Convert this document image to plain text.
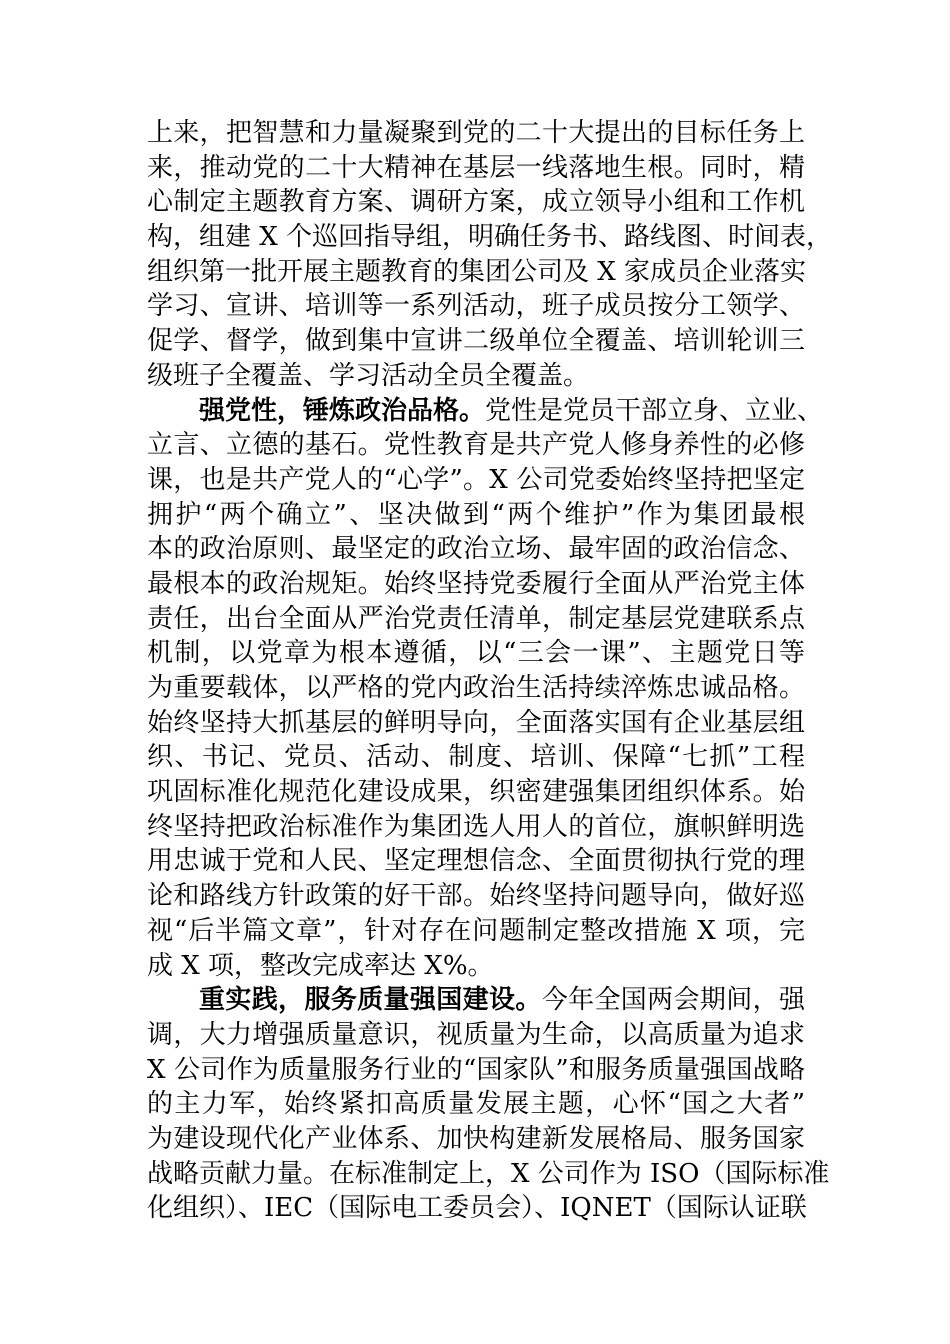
上来，把智慧和力量凝聚到党的二十大提出的目标任务上
来，推动党的二十大精神在基层一线落地生根。同时，精
心制定主题教育方案、调研方案，成立领导小组和工作机
构，组建 X 个巡回指导组，明确任务书、路线图、时间表，
组织第一批开展主题教育的集团公司及 X 家成员企业落实
学习、宣讲、培训等一系列活动，班子成员按分工领学、
促学、督学，做到集中宣讲二级单位全覆盖、培训轮训三
级班子全覆盖、学习活动全员全覆盖。
强党性，锤炼政治品格。党性是党员干部立身、立业、
立言、立德的基石。党性教育是共产党人修身养性的必修
课，也是共产党人的“心学”。X 公司党委始终坚持把坚定
拥护“两个确立”、坚决做到“两个维护”作为集团最根
本的政治原则、最坚定的政治立场、最牢固的政治信念、
最根本的政治规矩。始终坚持党委履行全面从严治党主体
责任，出台全面从严治党责任清单，制定基层党建联系点
机制，以党章为根本遵循，以“三会一课”、主题党日等
为重要载体，以严格的党内政治生活持续淬炼忠诚品格。
始终坚持大抓基层的鲜明导向，全面落实国有企业基层组
织、书记、党员、活动、制度、培训、保障“七抓”工程
巩固标准化规范化建设成果，织密建强集团组织体系。始
终坚持把政治标准作为集团选人用人的首位，旗帜鲜明选
用忠诚于党和人民、坚定理想信念、全面贯彻执行党的理
论和路线方针政策的好干部。始终坚持问题导向，做好巡
视“后半篇文章”，针对存在问题制定整改措施 X 项，完
成 X 项，整改完成率达 X%。
重实践，服务质量强国建设。今年全国两会期间，强
调，大力增强质量意识，视质量为生命，以高质量为追求
X 公司作为质量服务行业的“国家队”和服务质量强国战略
的主力军，始终紧扣高质量发展主题，心怀“国之大者”
为建设现代化产业体系、加快构建新发展格局、服务国家
战略贡献力量。在标准制定上，X 公司作为 ISO（国际标准
化组织）、IEC（国际电工委员会）、IQNET（国际认证联
